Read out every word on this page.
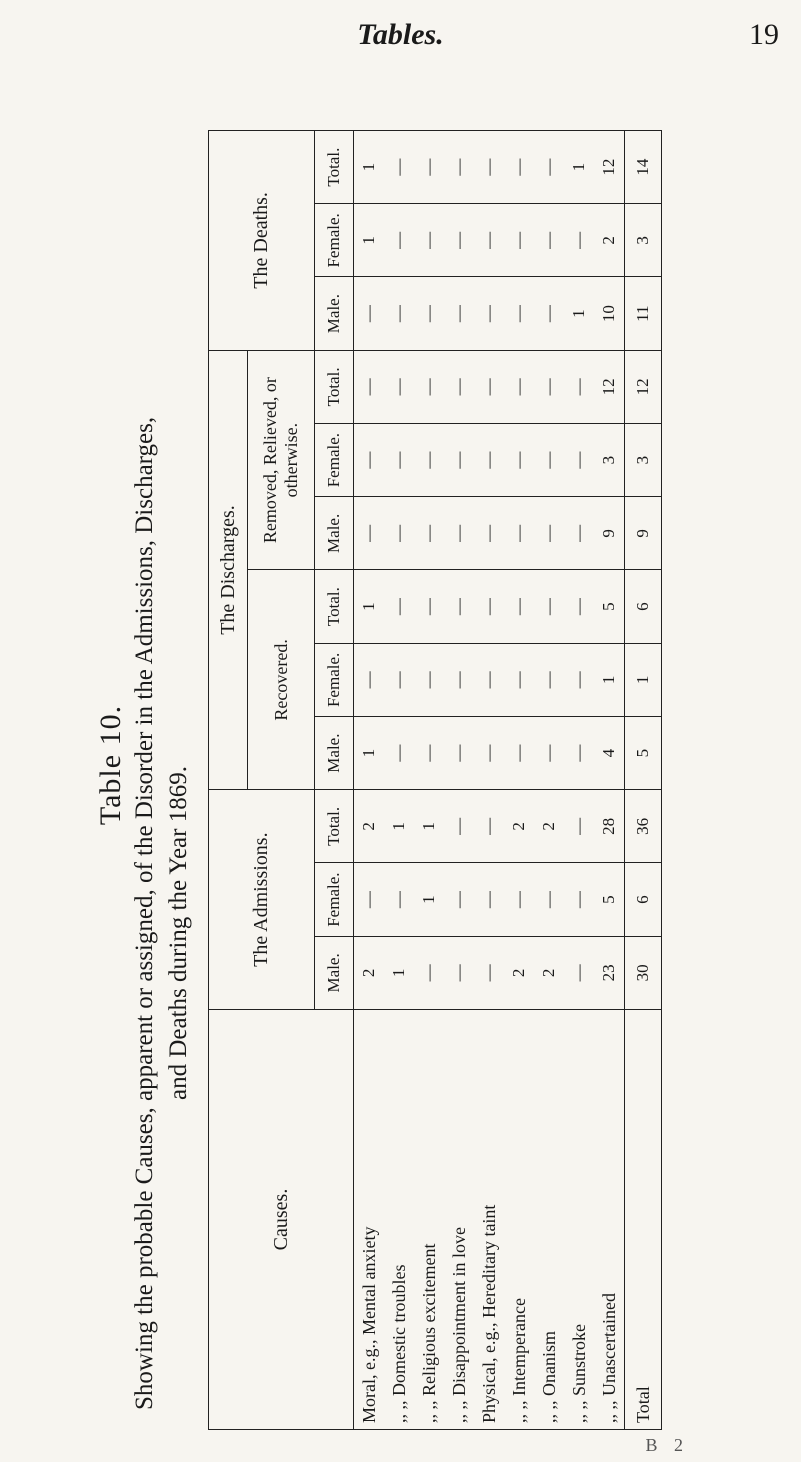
Tables.	19
Table 10. Showing the probable Causes, apparent or assigned, of the Disorder in the Admissions, Discharges, and Deaths during the Year 1869.
Causes.	The Admissions.			The Discharges.						The Deaths.		
				Recovered.			Removed, Relieved, or otherwise.					
	Male.	Female.	Total.	Male.	Female.	Total.	Male.	Female.	Total.	Male.	Female.	Total.
Moral, e.g., Mental anxiety	2	—	2	1	—	1	—	—	—	—	1	1
,, ,, Domestic troubles	1	—	1	—	—	—	—	—	—	—	—	—
,, ,, Religious excitement	—	1	1	—	—	—	—	—	—	—	—	—
,, ,, Disappointment in love	—	—	—	—	—	—	—	—	—	—	—	—
Physical, e.g., Hereditary taint	—	—	—	—	—	—	—	—	—	—	—	—
,, ,, Intemperance	2	—	2	—	—	—	—	—	—	—	—	—
,, ,, Onanism	2	—	2	—	—	—	—	—	—	—	—	—
,, ,, Sunstroke	—	—	—	—	—	—	—	—	—	1	—	1
,, ,, Unascertained	23	5	28	4	1	5	9	3	12	10	2	12
Total	30	6	36	5	1	6	9	3	12	11	3	14
B 2
